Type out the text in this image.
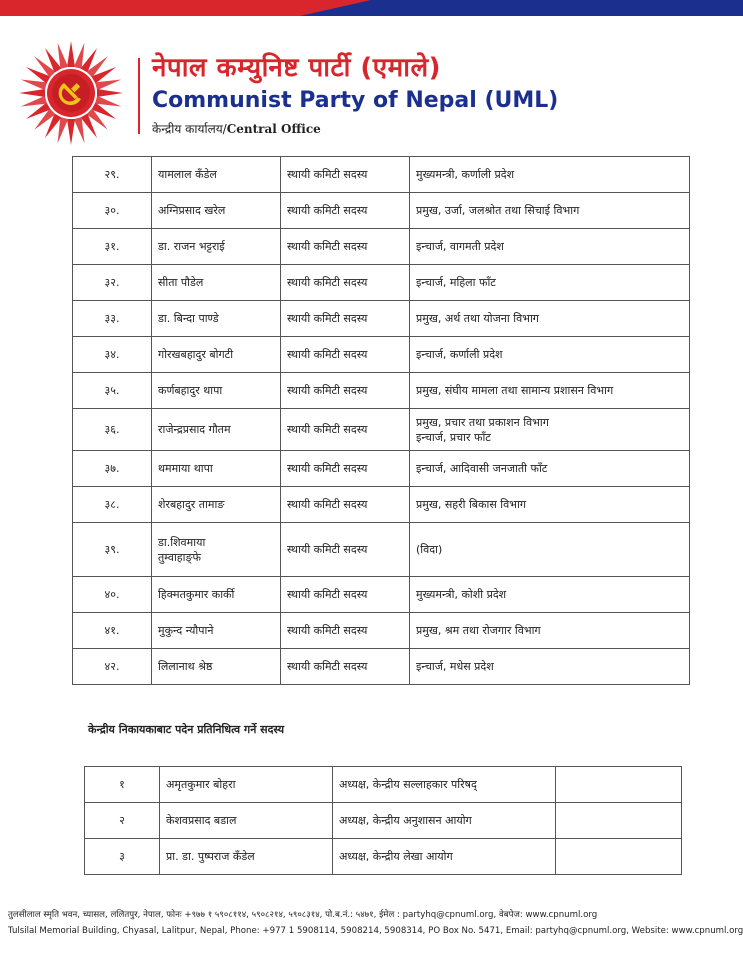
नेपाल कम्युनिष्ट पार्टी (एमाले)
Communist Party of Nepal (UML)
केन्द्रीय कार्यालय/Central Office
२९.	यामलाल कँडेल	स्थायी कमिटी सदस्य	मुख्यमन्त्री, कर्णाली प्रदेश
३०.	अग्निप्रसाद खरेल	स्थायी कमिटी सदस्य	प्रमुख, उर्जा, जलश्रोत तथा सिचाई विभाग
३१.	डा. राजन भट्टराई	स्थायी कमिटी सदस्य	इन्चार्ज, वागमती प्रदेश
३२.	सीता पौडेल	स्थायी कमिटी सदस्य	इन्चार्ज, महिला फाँट
३३.	डा. बिन्दा पाण्डे	स्थायी कमिटी सदस्य	प्रमुख, अर्थ तथा योजना विभाग
३४.	गोरखबहादुर बोगटी	स्थायी कमिटी सदस्य	इन्चार्ज, कर्णाली प्रदेश
३५.	कर्णबहादुर थापा	स्थायी कमिटी सदस्य	प्रमुख, संघीय मामला तथा सामान्य प्रशासन विभाग
३६.	राजेन्द्रप्रसाद गौतम	स्थायी कमिटी सदस्य	प्रमुख, प्रचार तथा प्रकाशन विभाग
इन्चार्ज, प्रचार फाँट

३७.	थममाया थापा	स्थायी कमिटी सदस्य	इन्चार्ज, आदिवासी जनजाती फाँट
३८.	शेरबहादुर तामाङ	स्थायी कमिटी सदस्य	प्रमुख, सहरी बिकास विभाग
३९.	डा.शिवमाया
तुम्वाहाङ्फे	स्थायी कमिटी सदस्य	(विदा)
४०.	हिक्मतकुमार कार्की	स्थायी कमिटी सदस्य	मुख्यमन्त्री, कोशी प्रदेश
४१.	मुकुन्द न्यौपाने	स्थायी कमिटी सदस्य	प्रमुख, श्रम तथा रोजगार विभाग
४२.	लिलानाथ श्रेष्ठ	स्थायी कमिटी सदस्य	इन्चार्ज, मधेस प्रदेश
केन्द्रीय निकायकाबाट पदेन प्रतिनिधित्व गर्ने सदस्य
१	अमृतकुमार बोहरा	अध्यक्ष, केन्द्रीय सल्लाहकार परिषद्	
२	केशवप्रसाद बडाल	अध्यक्ष, केन्द्रीय अनुशासन आयोग	
३	प्रा. डा. पुष्पराज कँडेल	अध्यक्ष, केन्द्रीय लेखा आयोग	
तुलसीलाल स्मृति भवन, च्यासल, ललितपुर, नेपाल, फोनः +९७७ १ ५९०८११४, ५९०८२१४, ५९०८३१४, पो.ब.नं.: ५४७१, ईमेल : partyhq@cpnuml.org, वेबपेज: www.cpnuml.org
Tulsilal Memorial Building, Chyasal, Lalitpur, Nepal, Phone: +977 1 5908114, 5908214, 5908314, PO Box No. 5471, Email: partyhq@cpnuml.org, Website: www.cpnuml.org
